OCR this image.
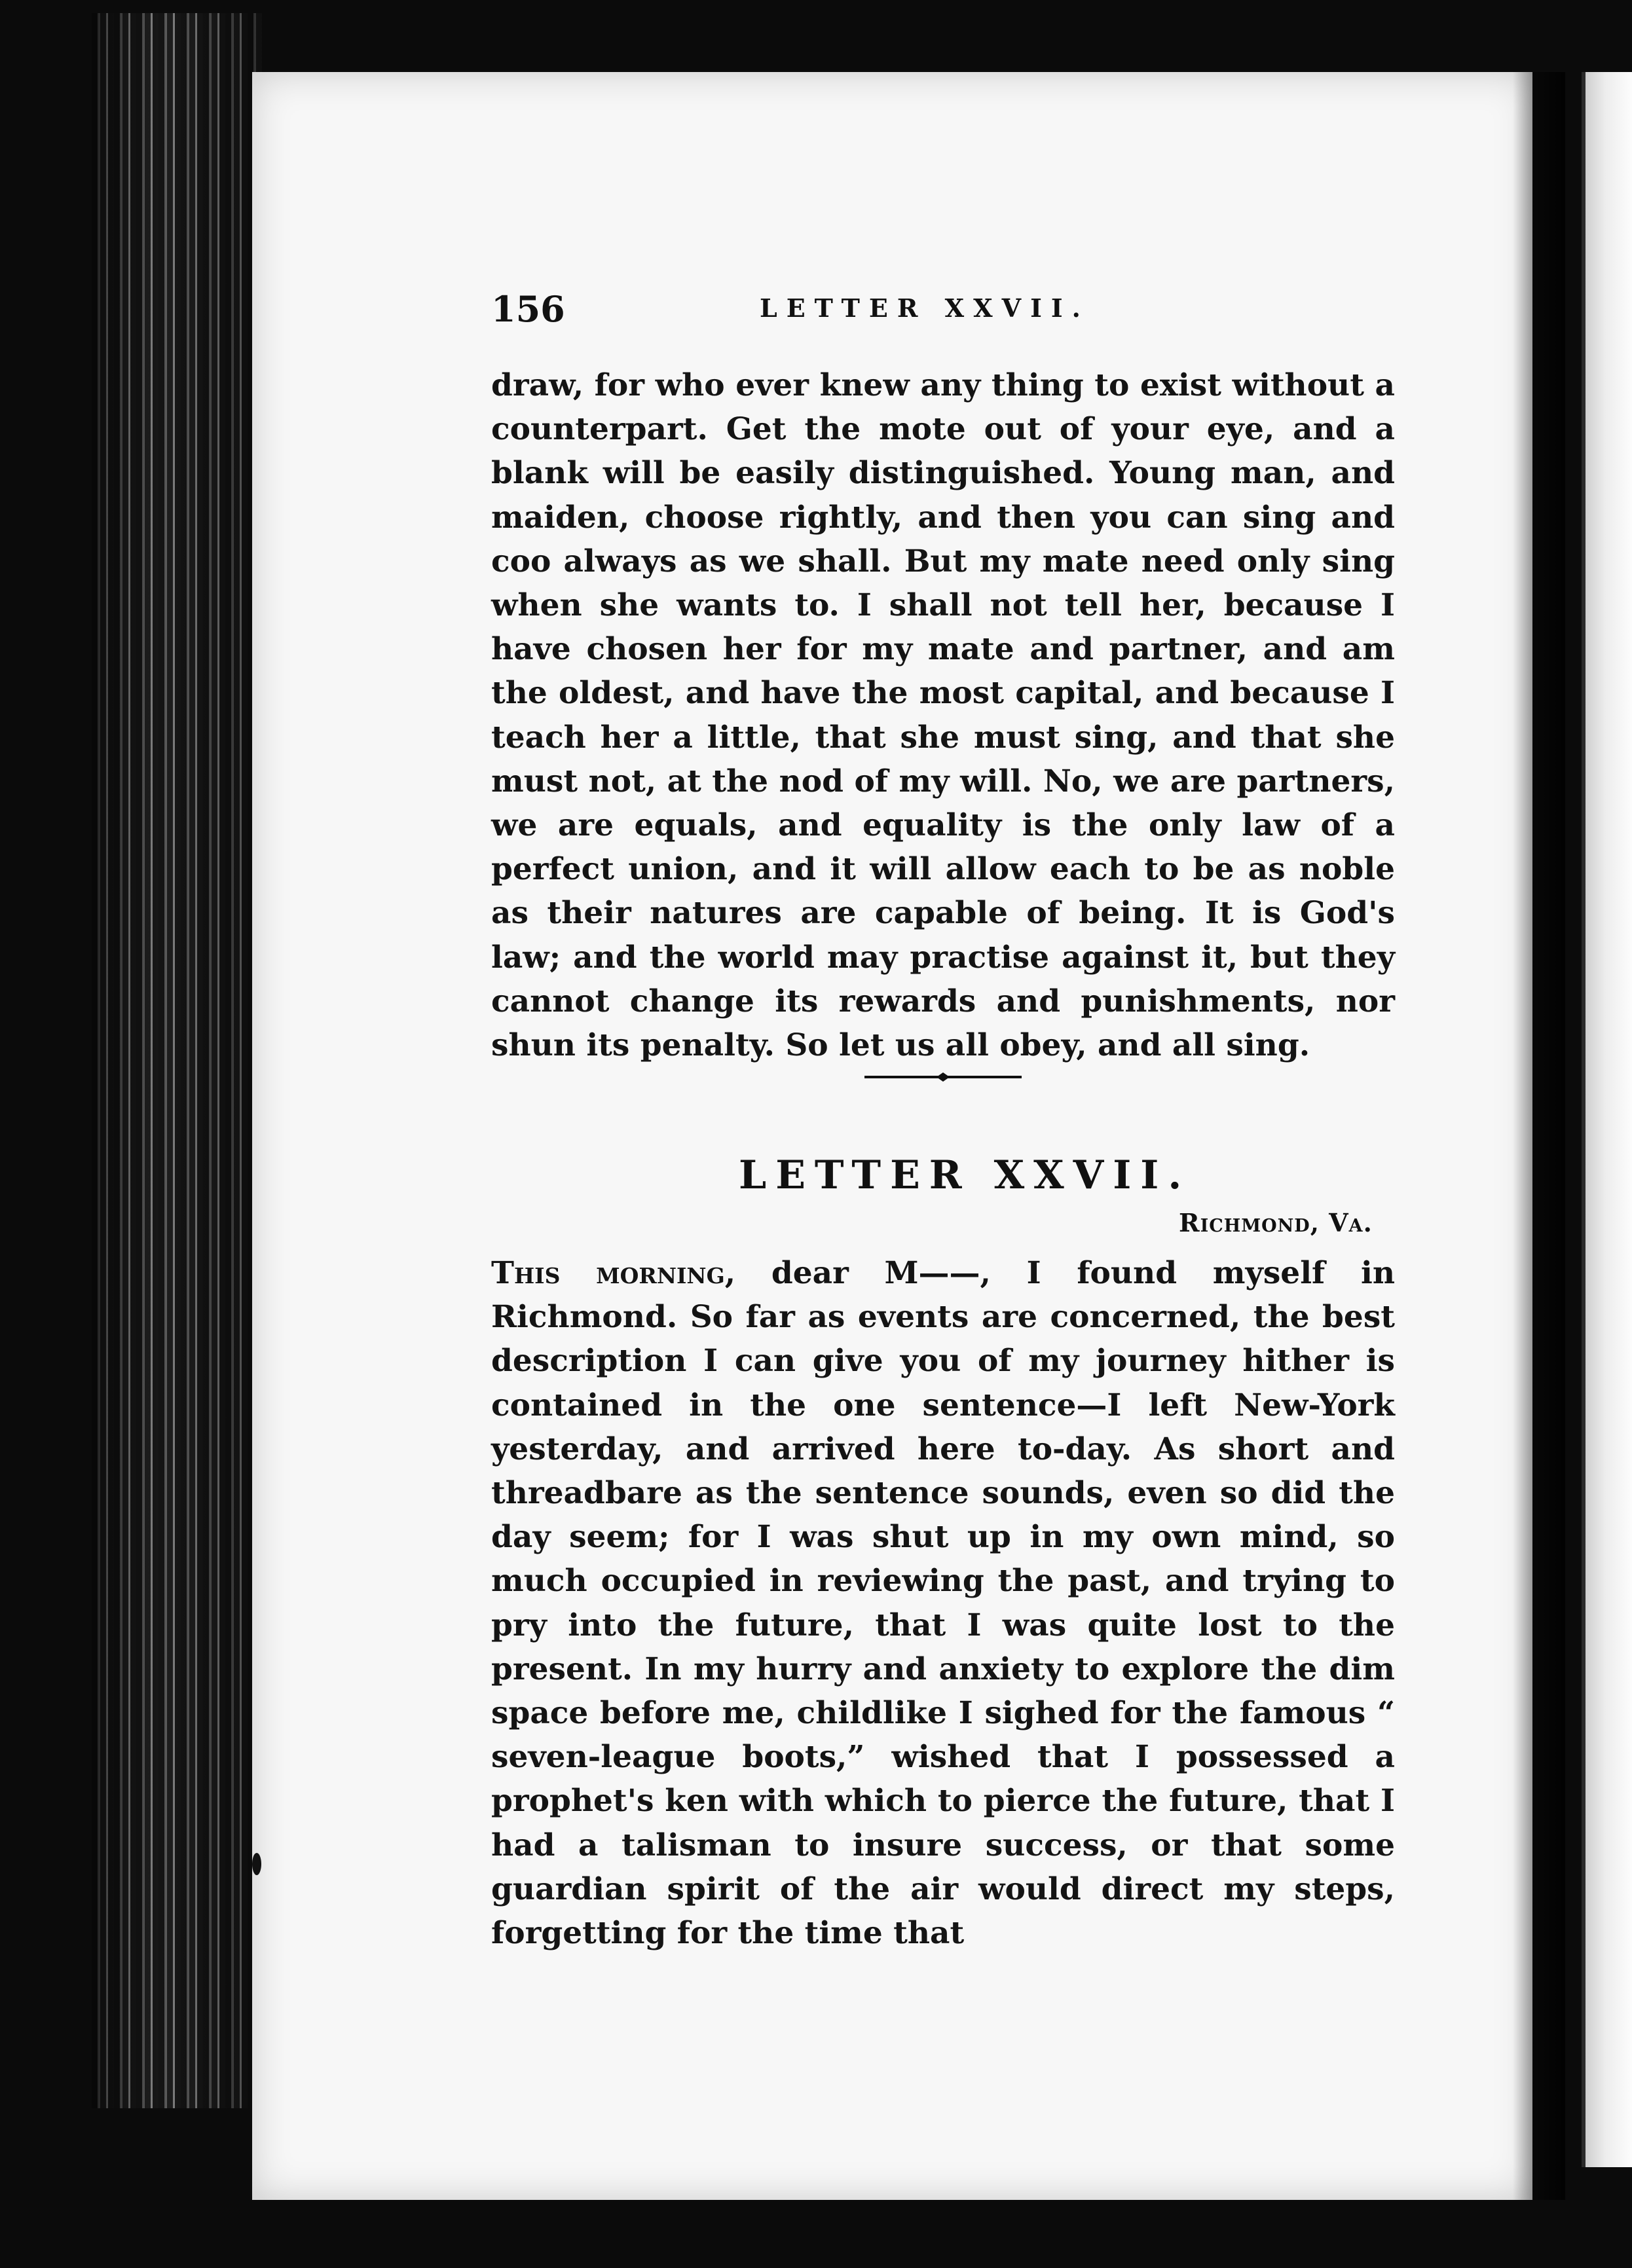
156	LETTER XXVII.

draw, for who ever knew any thing to exist without a counterpart. Get the mote out of your eye, and a blank will be easily distinguished. Young man, and maiden, choose rightly, and then you can sing and coo always as we shall. But my mate need only sing when she wants to. I shall not tell her, because I have chosen her for my mate and partner, and am the oldest, and have the most capital, and because I teach her a little, that she must sing, and that she must not, at the nod of my will. No, we are partners, we are equals, and equality is the only law of a perfect union, and it will allow each to be as noble as their natures are capable of being. It is God's law; and the world may practise against it, but they cannot change its rewards and punishments, nor shun its penalty. So let us all obey, and all sing.

LETTER XXVII.
Richmond, Va.

This morning, dear M——, I found myself in Richmond. So far as events are concerned, the best description I can give you of my journey hither is contained in the one sentence—I left New-York yesterday, and arrived here to-day. As short and threadbare as the sentence sounds, even so did the day seem; for I was shut up in my own mind, so much occupied in reviewing the past, and trying to pry into the future, that I was quite lost to the present. In my hurry and anxiety to explore the dim space before me, childlike I sighed for the famous “ seven-league boots,” wished that I possessed a prophet's ken with which to pierce the future, that I had a talisman to insure success, or that some guardian spirit of the air would direct my steps, forgetting for the time that
